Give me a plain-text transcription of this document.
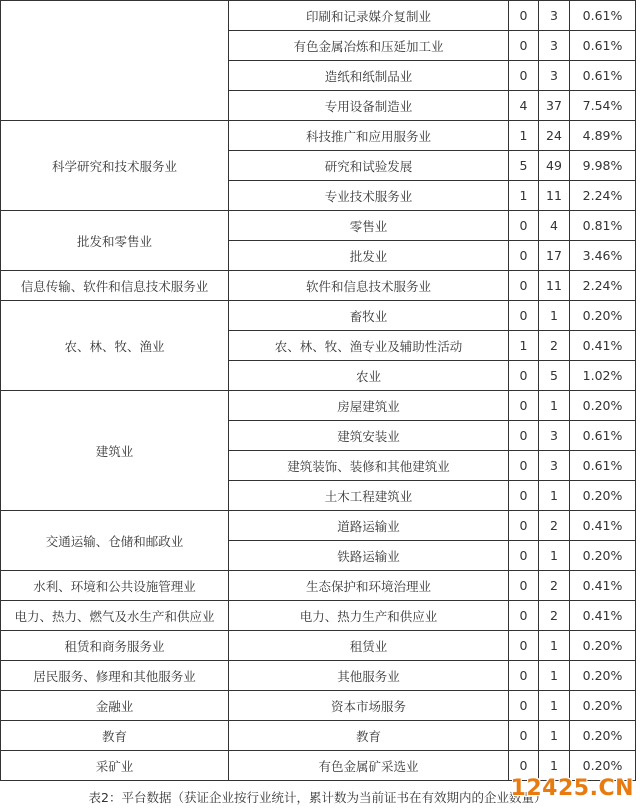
	印刷和记录媒介复制业	0	3	0.61%
	有色金属冶炼和压延加工业	0	3	0.61%
	造纸和纸制品业	0	3	0.61%
	专用设备制造业	4	37	7.54%
科学研究和技术服务业	科技推广和应用服务业	1	24	4.89%
	研究和试验发展	5	49	9.98%
	专业技术服务业	1	11	2.24%
批发和零售业	零售业	0	4	0.81%
	批发业	0	17	3.46%
信息传输、软件和信息技术服务业	软件和信息技术服务业	0	11	2.24%
农、林、牧、渔业	畜牧业	0	1	0.20%
	农、林、牧、渔专业及辅助性活动	1	2	0.41%
	农业	0	5	1.02%
建筑业	房屋建筑业	0	1	0.20%
	建筑安装业	0	3	0.61%
	建筑装饰、装修和其他建筑业	0	3	0.61%
	土木工程建筑业	0	1	0.20%
交通运输、仓储和邮政业	道路运输业	0	2	0.41%
	铁路运输业	0	1	0.20%
水利、环境和公共设施管理业	生态保护和环境治理业	0	2	0.41%
电力、热力、燃气及水生产和供应业	电力、热力生产和供应业	0	2	0.41%
租赁和商务服务业	租赁业	0	1	0.20%
居民服务、修理和其他服务业	其他服务业	0	1	0.20%
金融业	资本市场服务	0	1	0.20%
教育	教育	0	1	0.20%
采矿业	有色金属矿采选业	0	1	0.20%
表2：平台数据（获证企业按行业统计，累计数为当前证书在有效期内的企业数量）
12425.CN
